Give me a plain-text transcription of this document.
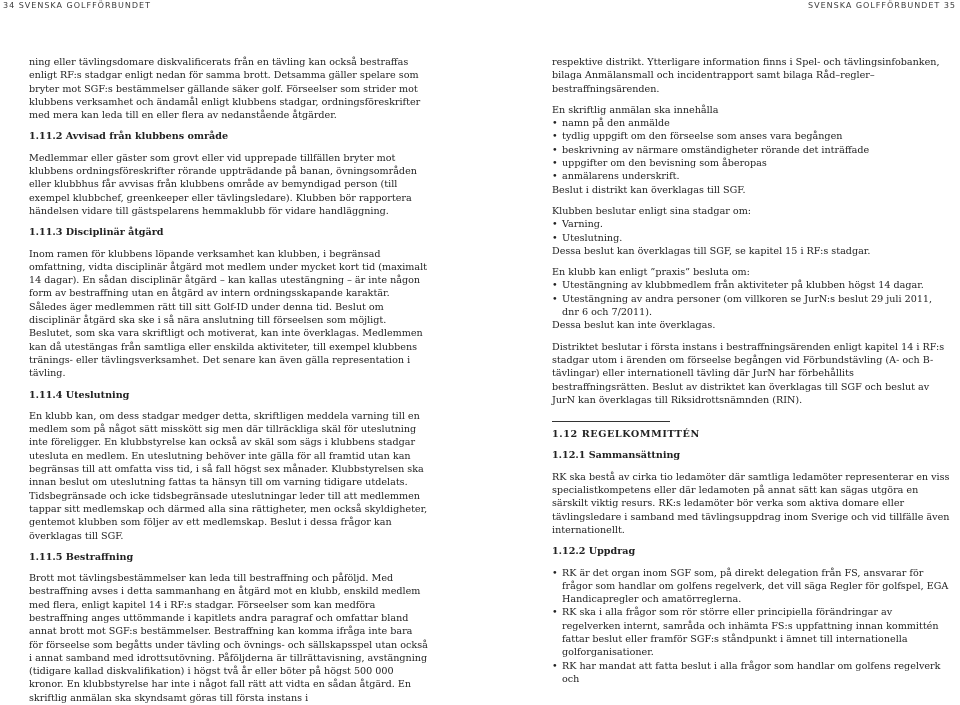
34 SVENSKA GOLFFÖRBUNDET	SVENSKA GOLFFÖRBUNDET 35

ning eller tävlingsdomare diskvalificerats från en tävling kan också bestraffas enligt RF:s stadgar enligt nedan för samma brott. Detsamma gäller spelare som bryter mot SGF:s bestämmelser gällande säker golf. Förseelser som strider mot klubbens verksamhet och ändamål enligt klubbens stadgar, ordningsföreskrifter med mera kan leda till en eller flera av nedanstående åtgärder.

1.11.2 Avvisad från klubbens område

Medlemmar eller gäster som grovt eller vid upprepade tillfällen bryter mot klubbens ordningsföreskrifter rörande uppträdande på banan, övningsområden eller klubbhus får avvisas från klubbens område av bemyndigad person (till exempel klubbchef, greenkeeper eller tävlingsledare). Klubben bör rapportera händelsen vidare till gästspelarens hemmaklubb för vidare handläggning.

1.11.3 Disciplinär åtgärd

Inom ramen för klubbens löpande verksamhet kan klubben, i begränsad omfattning, vidta disciplinär åtgärd mot medlem under mycket kort tid (maximalt 14 dagar). En sådan disciplinär åtgärd – kan kallas utestängning – är inte någon form av bestraffning utan en åtgärd av intern ordningsskapande karaktär. Således äger medlemmen rätt till sitt Golf-ID under denna tid. Beslut om disciplinär åtgärd ska ske i så nära anslutning till förseelsen som möjligt. Beslutet, som ska vara skriftligt och motiverat, kan inte överklagas. Medlemmen kan då utestängas från samtliga eller enskilda aktiviteter, till exempel klubbens tränings- eller tävlingsverksamhet. Det senare kan även gälla representation i tävling.

1.11.4 Uteslutning

En klubb kan, om dess stadgar medger detta, skriftligen meddela varning till en medlem som på något sätt misskött sig men där tillräckliga skäl för uteslutning inte föreligger. En klubbstyrelse kan också av skäl som sägs i klubbens stadgar utesluta en medlem. En uteslutning behöver inte gälla för all framtid utan kan begränsas till att omfatta viss tid, i så fall högst sex månader. Klubbstyrelsen ska innan beslut om uteslutning fattas ta hänsyn till om varning tidigare utdelats. Tidsbegränsade och icke tidsbegränsade uteslutningar leder till att medlemmen tappar sitt medlemskap och därmed alla sina rättigheter, men också skyldigheter, gentemot klubben som följer av ett medlemskap. Beslut i dessa frågor kan överklagas till SGF.

1.11.5 Bestraffning

Brott mot tävlingsbestämmelser kan leda till bestraffning och påföljd. Med bestraffning avses i detta sammanhang en åtgärd mot en klubb, enskild medlem med flera, enligt kapitel 14 i RF:s stadgar. Förseelser som kan medföra bestraffning anges uttömmande i kapitlets andra paragraf och omfattar bland annat brott mot SGF:s bestämmelser. Bestraffning kan komma ifråga inte bara för förseelse som begåtts under tävling och övnings- och sällskapsspel utan också i annat samband med idrottsutövning. Påföljderna är tillrättavisning, avstängning (tidigare kallad diskvalifikation) i högst två år eller böter på högst 500 000 kronor. En klubbstyrelse har inte i något fall rätt att vidta en sådan åtgärd. En skriftlig anmälan ska skyndsamt göras till första instans i

respektive distrikt. Ytterligare information finns i Spel- och tävlingsinfobanken, bilaga Anmälansmall och incidentrapport samt bilaga Råd–regler–bestraffningsärenden.

En skriftlig anmälan ska innehålla

• namn på den anmälde
• tydlig uppgift om den förseelse som anses vara begången
• beskrivning av närmare omständigheter rörande det inträffade
• uppgifter om den bevisning som åberopas
• anmälarens underskrift.

Beslut i distrikt kan överklagas till SGF.

Klubben beslutar enligt sina stadgar om:

• Varning.
• Uteslutning.

Dessa beslut kan överklagas till SGF, se kapitel 15 i RF:s stadgar.

En klubb kan enligt ”praxis” besluta om:

• Utestängning av klubbmedlem från aktiviteter på klubben högst 14 dagar.
• Utestängning av andra personer (om villkoren se JurN:s beslut 29 juli 2011, dnr 6 och 7/2011).

Dessa beslut kan inte överklagas.

Distriktet beslutar i första instans i bestraffningsärenden enligt kapitel 14 i RF:s stadgar utom i ärenden om förseelse begången vid Förbundstävling (A- och B-tävlingar) eller internationell tävling där JurN har förbehållits bestraffningsrätten. Beslut av distriktet kan överklagas till SGF och beslut av JurN kan överklagas till Riksidrottsnämnden (RIN).

1.12 REGELKOMMITTÉN

1.12.1 Sammansättning

RK ska bestå av cirka tio ledamöter där samtliga ledamöter representerar en viss specialistkompetens eller där ledamoten på annat sätt kan sägas utgöra en särskilt viktig resurs. RK:s ledamöter bör verka som aktiva domare eller tävlingsledare i samband med tävlingsuppdrag inom Sverige och vid tillfälle även internationellt.

1.12.2 Uppdrag

• RK är det organ inom SGF som, på direkt delegation från FS, ansvarar för frågor som handlar om golfens regelverk, det vill säga Regler för golfspel, EGA Handicapregler och amatörreglerna.
• RK ska i alla frågor som rör större eller principiella förändringar av regelverken internt, samråda och inhämta FS:s uppfattning innan kommittén fattar beslut eller framför SGF:s ståndpunkt i ämnet till internationella golforganisationer.
• RK har mandat att fatta beslut i alla frågor som handlar om golfens regelverk och
